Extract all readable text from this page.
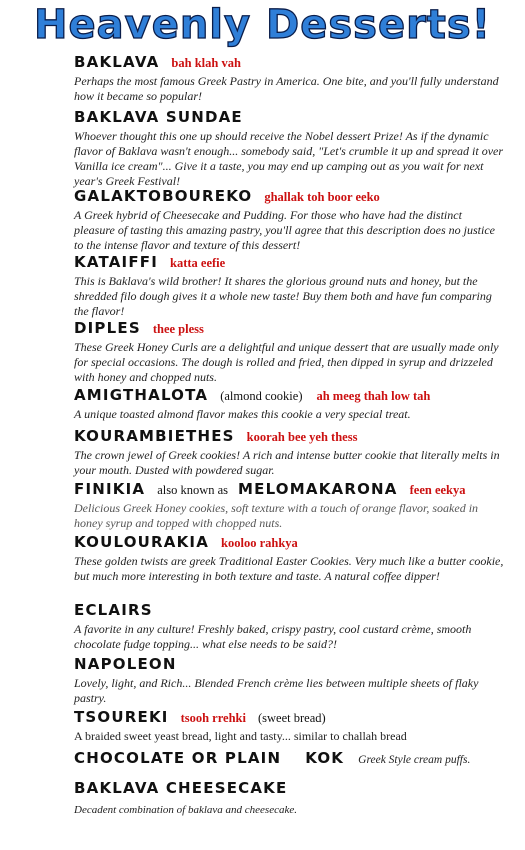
Heavenly Desserts!
BAKLAVA bah klah vah
Perhaps the most famous Greek Pastry in America. One bite, and you'll fully understand how it became so popular!
BAKLAVA SUNDAE
Whoever thought this one up should receive the Nobel dessert Prize! As if the dynamic flavor of Baklava wasn't enough... somebody said, "Let's crumble it up and spread it over Vanilla ice cream"... Give it a taste, you may end up camping out as you wait for next year's Greek Festival!
GALAKTOBOUREKO ghallak toh boor eeko
A Greek hybrid of Cheesecake and Pudding. For those who have had the distinct pleasure of tasting this amazing pastry, you'll agree that this description does no justice to the intense flavor and texture of this dessert!
KATAIFFI katta eefie
This is Baklava's wild brother! It shares the glorious ground nuts and honey, but the shredded filo dough gives it a whole new taste! Buy them both and have fun comparing the flavor!
DIPLES thee pless
These Greek Honey Curls are a delightful and unique dessert that are usually made only for special occasions. The dough is rolled and fried, then dipped in syrup and drizzeled with honey and chopped nuts.
AMIGTHALOTA (almond cookie) ah meeg thah low tah
A unique toasted almond flavor makes this cookie a very special treat.
KOURAMBIETHES koorah bee yeh thess
The crown jewel of Greek cookies! A rich and intense butter cookie that literally melts in your mouth. Dusted with powdered sugar.
FINIKIA also known as MELOMAKARONA feen eekya
Delicious Greek Honey cookies, soft texture with a touch of orange flavor, soaked in honey syrup and topped with chopped nuts.
KOULOURAKIA kooloo rahkya
These golden twists are greek Traditional Easter Cookies. Very much like a butter cookie, but much more interesting in both texture and taste. A natural coffee dipper!
ECLAIRS
A favorite in any culture! Freshly baked, crispy pastry, cool custard crème, smooth chocolate fudge topping... what else needs to be said?!
NAPOLEON
Lovely, light, and Rich... Blended French crème lies between multiple sheets of flaky pastry.
TSOUREKI tsooh rrehki (sweet bread)
A braided sweet yeast bread, light and tasty... similar to challah bread
CHOCOLATE OR PLAIN KOK Greek Style cream puffs.
BAKLAVA CHEESECAKE
Decadent combination of baklava and cheesecake.
